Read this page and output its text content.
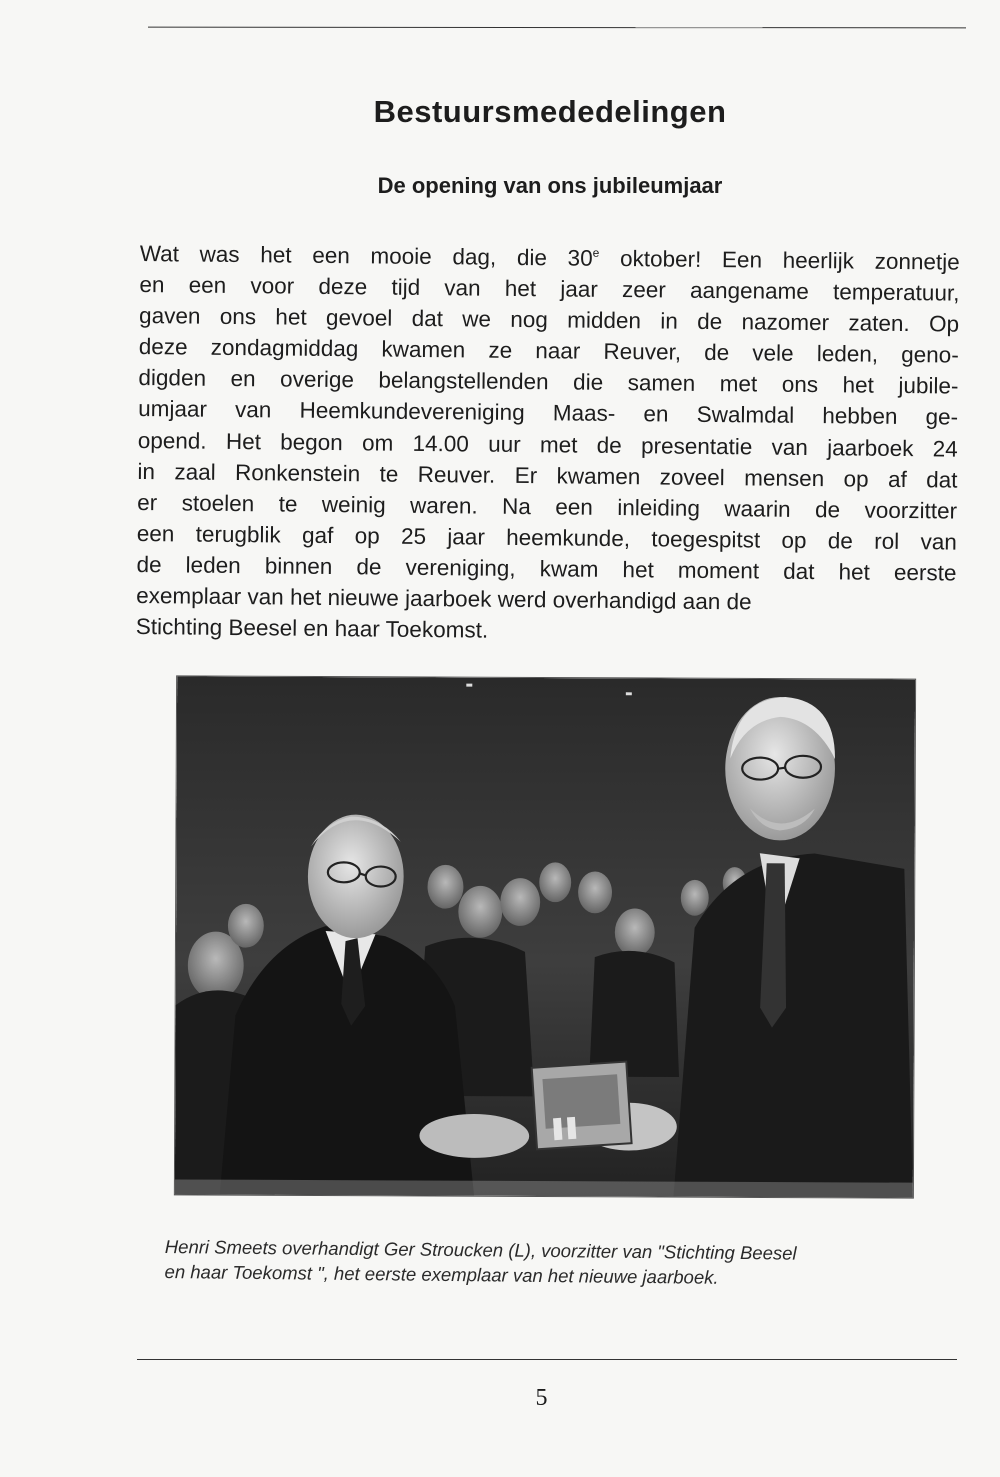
Bestuursmededelingen
De opening van ons jubileumjaar
Wat was het een mooie dag, die 30e oktober! Een heerlijk zonnetje
en een voor deze tijd van het jaar zeer aangename temperatuur,
gaven ons het gevoel dat we nog midden in de nazomer zaten. Op
deze zondagmiddag kwamen ze naar Reuver, de vele leden, geno-
digden en overige belangstellenden die samen met ons het jubile-
umjaar van Heemkundevereniging Maas- en Swalmdal hebben ge-
opend. Het begon om 14.00 uur met de presentatie van jaarboek 24
in zaal Ronkenstein te Reuver. Er kwamen zoveel mensen op af dat
er stoelen te weinig waren. Na een inleiding waarin de voorzitter
een terugblik gaf op 25 jaar heemkunde, toegespitst op de rol van
de leden binnen de vereniging, kwam het moment dat het eerste
exemplaar van het nieuwe jaarboek werd overhandigd aan de
Stichting Beesel en haar Toekomst.
Henri Smeets overhandigt Ger Stroucken (L), voorzitter van "Stichting Beesel
en haar Toekomst ", het eerste exemplaar van het nieuwe jaarboek.
5
